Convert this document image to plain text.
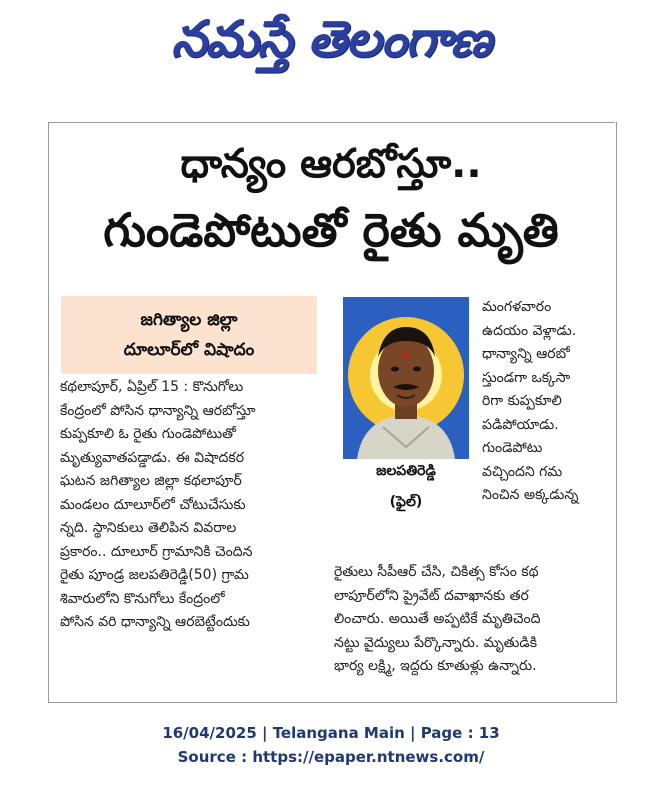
నమస్తే తెలంగాణ
ధాన్యం ఆరబోస్తూ..
గుండెపోటుతో రైతు మృతి
జగిత్యాల జిల్లా
దూలూర్‌లో విషాదం
కథలాపూర్, ఏప్రిల్ 15 : కొనుగోలు
కేంద్రంలో పోసిన ధాన్యాన్ని ఆరబోస్తూ
కుప్పకూలి ఓ రైతు గుండెపోటుతో
మృత్యువాతపడ్డాడు. ఈ విషాదకర
ఘటన జగిత్యాల జిల్లా కథలాపూర్
మండలం దూలూర్‌లో చోటుచేసుకు
న్నది. స్థానికులు తెలిపిన వివరాల
ప్రకారం.. దూలూర్ గ్రామానికి చెందిన
రైతు పూండ్ర జలపతిరెడ్డి(50) గ్రామ
శివారులోని కొనుగోలు కేంద్రంలో
పోసిన వరి ధాన్యాన్ని ఆరబెట్టేందుకు
జలపతిరెడ్డి
(ఫైల్)
మంగళవారం
ఉదయం వెళ్లాడు.
ధాన్యాన్ని ఆరబో
స్తుండగా ఒక్కసా
రిగా కుప్పకూలి
పడిపోయాడు.
గుండెపోటు
వచ్చిందని గమ
నించిన అక్కడున్న
రైతులు సీపీఆర్ చేసి, చికిత్స కోసం కథ
లాపూర్‌లోని ప్రైవేట్ దవాఖానకు తర
లించారు. అయితే అప్పటికే మృతిచెంది
నట్టు వైద్యులు పేర్కొన్నారు. మృతుడికి
భార్య లక్ష్మి, ఇద్దరు కూతుళ్లు ఉన్నారు.
16/04/2025 | Telangana Main | Page : 13
Source : https://epaper.ntnews.com/
